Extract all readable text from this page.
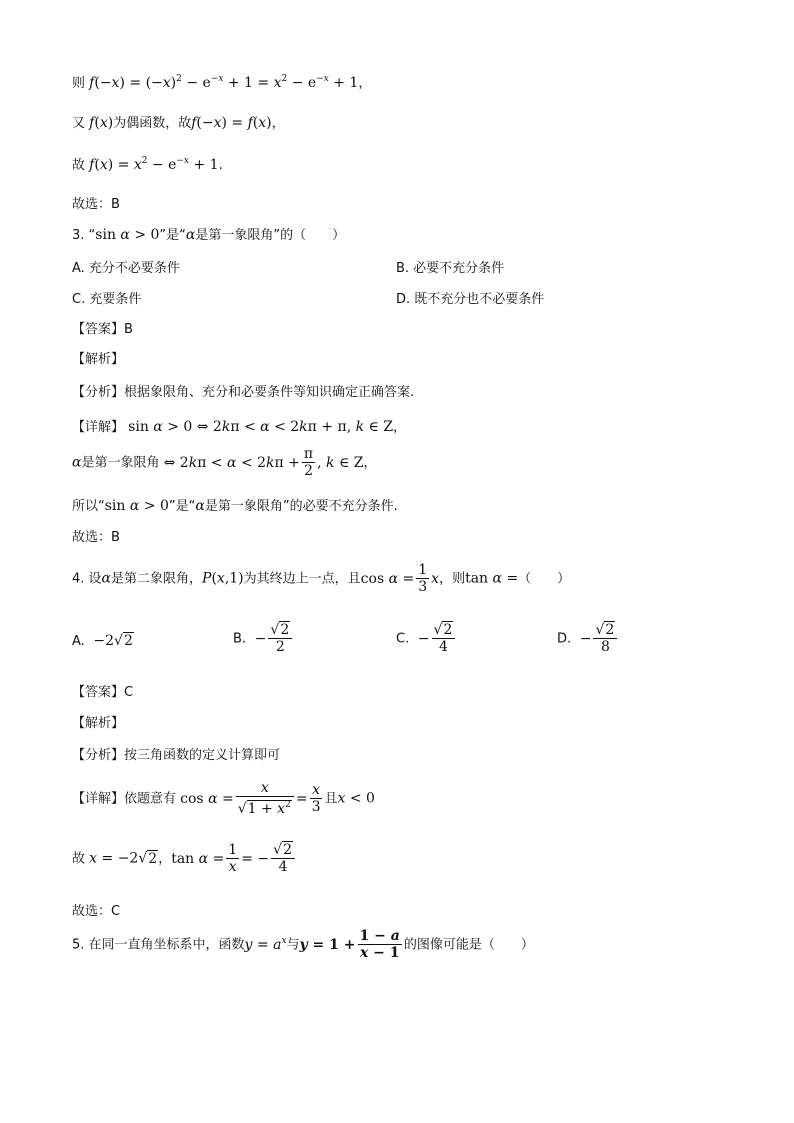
则 $f(-x) = (-x)^2 - e^{-x} + 1 = x^2 - e^{-x} + 1$，
又 f(x)为偶函数，故f(−x) = f(x)，
故 $f(x) = x^2 - e^{-x} + 1$.
故选：B
3. “sin α > 0”是“α是第一象限角”的（　　）
A. 充分不必要条件	B. 必要不充分条件
C. 充要条件	D. 既不充分也不必要条件
【答案】B
【解析】
【分析】根据象限角、充分和必要条件等知识确定正确答案.
【详解】 sin α > 0 ⇔ 2kπ < α < 2kπ + π, k ∈ Z，
α是第一象限角 ⇔ $2k\pi < \alpha < 2k\pi + \frac{\pi}{2}$ , k ∈ Z，
所以“sin α > 0”是“α是第一象限角”的必要不充分条件.
故选：B
4. 设α是第二象限角，P(x,1)为其终边上一点，且$\cos \alpha = \frac{1}{3}$ x，则tan α =（　　）
A.  −2√2	B.  − $\frac{√2}{2}$	C.  − $\frac{√2}{4}$	D.  − $\frac{√2}{8}$
【答案】C
【解析】
【分析】按三角函数的定义计算即可
【详解】依题意有 $\cos \alpha = \frac{x}{√1 + x^2} = \frac{x}{3}$ 且x < 0
故 x = −2√2，$\tan \alpha = \frac{1}{x}$ = − $\frac{√2}{4}$
故选：C
5. 在同一直角坐标系中，函数$y = a^x$与$y = 1 + \frac{1 - a}{x - 1}$ 的图像可能是（　　）
